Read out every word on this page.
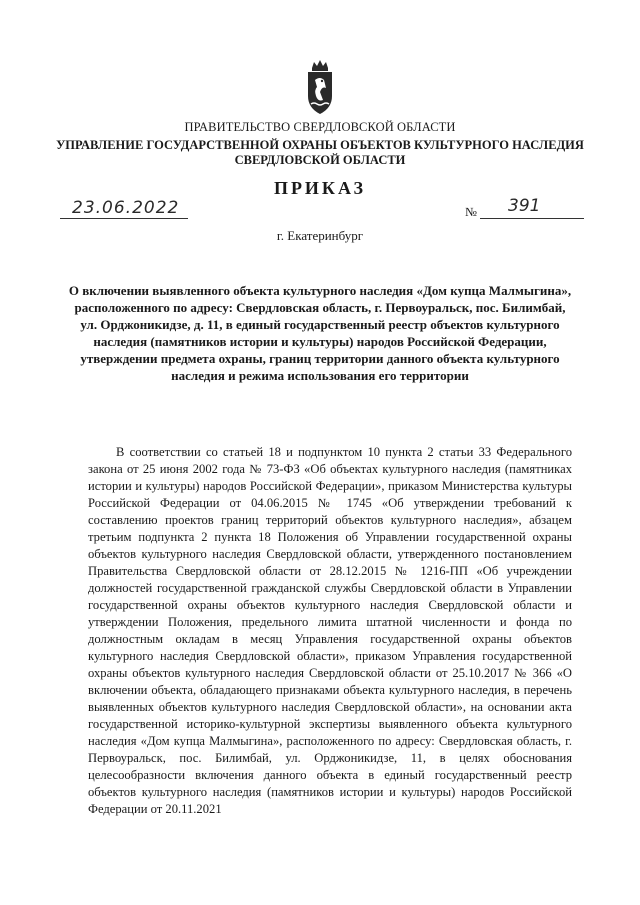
ПРАВИТЕЛЬСТВО СВЕРДЛОВСКОЙ ОБЛАСТИ
УПРАВЛЕНИЕ ГОСУДАРСТВЕННОЙ ОХРАНЫ ОБЪЕКТОВ КУЛЬТУРНОГО НАСЛЕДИЯ
СВЕРДЛОВСКОЙ ОБЛАСТИ
ПРИКАЗ
23.06.2022	№ 391
г. Екатеринбург
О включении выявленного объекта культурного наследия «Дом купца Малмыгина», расположенного по адресу: Свердловская область, г. Первоуральск, пос. Билимбай, ул. Орджоникидзе, д. 11, в единый государственный реестр объектов культурного наследия (памятников истории и культуры) народов Российской Федерации, утверждении предмета охраны, границ территории данного объекта культурного наследия и режима использования его территории

В соответствии со статьей 18 и подпунктом 10 пункта 2 статьи 33 Федерального закона от 25 июня 2002 года № 73-ФЗ «Об объектах культурного наследия (памятниках истории и культуры) народов Российской Федерации», приказом Министерства культуры Российской Федерации от 04.06.2015 № 1745 «Об утверждении требований к составлению проектов границ территорий объектов культурного наследия», абзацем третьим подпункта 2 пункта 18 Положения об Управлении государственной охраны объектов культурного наследия Свердловской области, утвержденного постановлением Правительства Свердловской области от 28.12.2015 № 1216-ПП «Об учреждении должностей государственной гражданской службы Свердловской области в Управлении государственной охраны объектов культурного наследия Свердловской области и утверждении Положения, предельного лимита штатной численности и фонда по должностным окладам в месяц Управления государственной охраны объектов культурного наследия Свердловской области», приказом Управления государственной охраны объектов культурного наследия Свердловской области от 25.10.2017 № 366 «О включении объекта, обладающего признаками объекта культурного наследия, в перечень выявленных объектов культурного наследия Свердловской области», на основании акта государственной историко-культурной экспертизы выявленного объекта культурного наследия «Дом купца Малмыгина», расположенного по адресу: Свердловская область, г. Первоуральск, пос. Билимбай, ул. Орджоникидзе, 11, в целях обоснования целесообразности включения данного объекта в единый государственный реестр объектов культурного наследия (памятников истории и культуры) народов Российской Федерации от 20.11.2021
